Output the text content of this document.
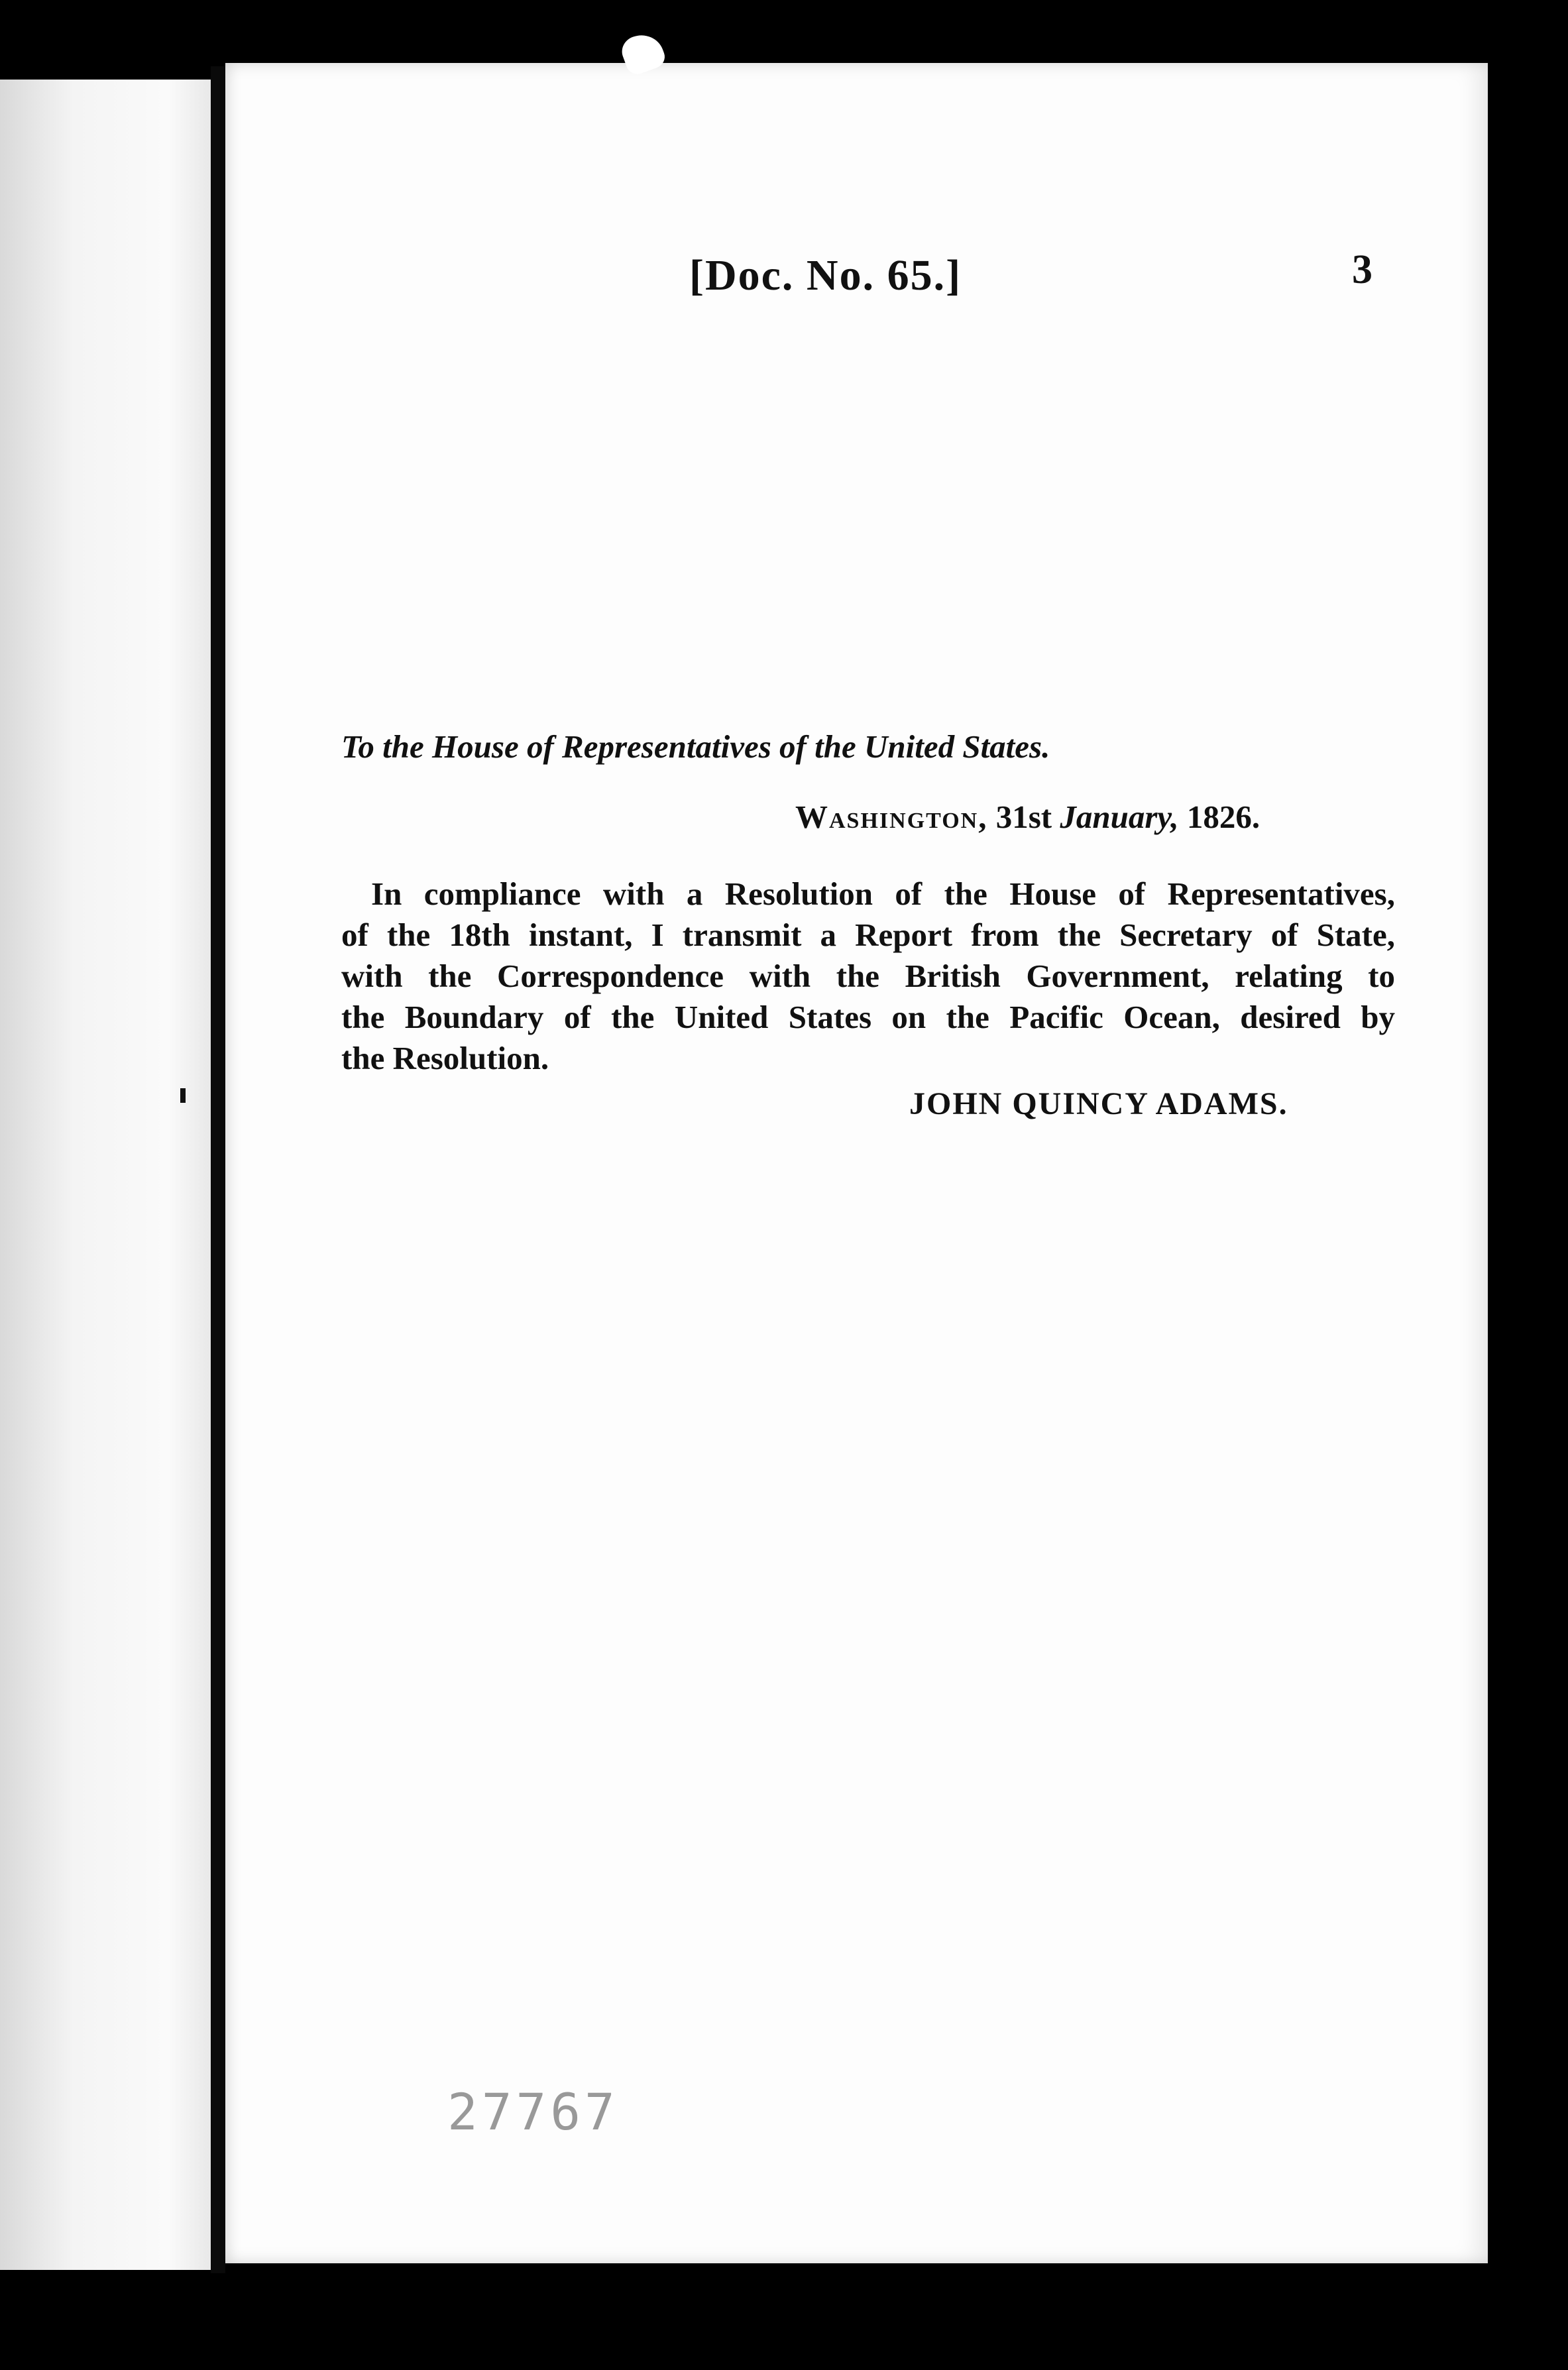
[Doc. No. 65.]	3
To the House of Representatives of the United States.
Washington, 31st January, 1826.
In compliance with a Resolution of the House of Representatives,
of the 18th instant, I transmit a Report from the Secretary of State,
with the Correspondence with the British Government, relating to
the Boundary of the United States on the Pacific Ocean, desired by
the Resolution.
JOHN QUINCY ADAMS.
27767
